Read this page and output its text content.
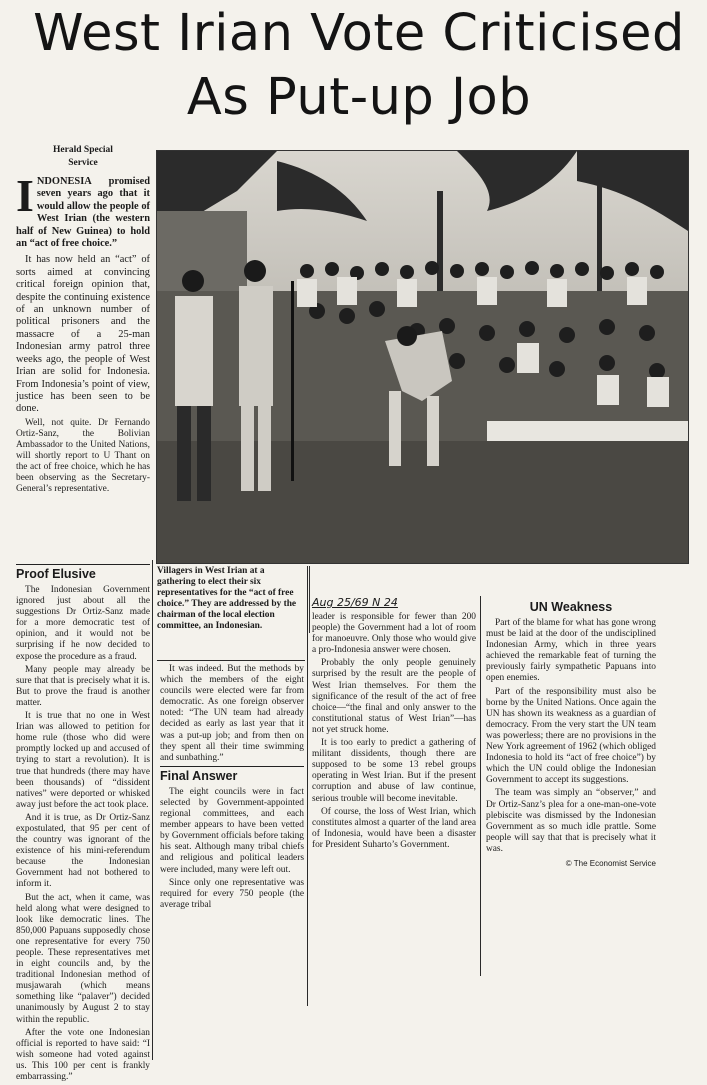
West Irian Vote Criticised
As Put-up Job
Herald Special
Service

INDONESIA promised seven years ago that it would allow the people of West Irian (the western half of New Guinea) to hold an “act of free choice.”

It has now held an “act” of sorts aimed at convincing critical foreign opinion that, despite the continuing existence of an unknown number of political prisoners and the massacre of a 25-man Indonesian army patrol three weeks ago, the people of West Irian are solid for Indonesia. From Indonesia’s point of view, justice has been seen to be done.

Well, not quite. Dr Fernando Ortiz-Sanz, the Bolivian Ambassador to the United Nations, will shortly report to U Thant on the act of free choice, which he has been observing as the Secretary-General’s representative.

Proof Elusive

The Indonesian Government ignored just about all the suggestions Dr Ortiz-Sanz made for a more democratic test of opinion, and it would not be surprising if he now decided to expose the procedure as a fraud.

Many people may already be sure that that is precisely what it is. But to prove the fraud is another matter.

It is true that no one in West Irian was allowed to petition for home rule (those who did were promptly locked up and accused of trying to start a revolution). It is true that hundreds (there may have been thousands) of “dissident natives” were deported or whisked away just before the act took place.

And it is true, as Dr Ortiz-Sanz expostulated, that 95 per cent of the country was ignorant of the existence of his mini-referendum because the Indonesian Government had not bothered to inform it.

But the act, when it came, was held along what were designed to look like democratic lines. The 850,000 Papuans supposedly chose one representative for every 750 people. These representatives met in eight councils and, by the traditional Indonesian method of musjawarah (which means something like “palaver”) decided unanimously by August 2 to stay within the republic.

After the vote one Indonesian official is reported to have said: “I wish someone had voted against us. This 100 per cent is frankly embarrassing.”

Villagers in West Irian at a gathering to elect their six representatives for the “act of free choice.” They are addressed by the chairman of the local election committee, an Indonesian.

It was indeed. But the methods by which the members of the eight councils were elected were far from democratic. As one foreign observer noted: “The UN team had already decided as early as last year that it was a put-up job; and from then on they spent all their time swimming and sunbathing.”

Final Answer

The eight councils were in fact selected by Government-appointed regional committees, and each member appears to have been vetted by Government officials before taking his seat. Although many tribal chiefs and religious and political leaders were included, many were left out.

Since only one representative was required for every 750 people (the average tribal

Aug 25/69 N 24

leader is responsible for fewer than 200 people) the Government had a lot of room for manoeuvre. Only those who would give a pro-Indonesia answer were chosen.

Probably the only people genuinely surprised by the result are the people of West Irian themselves. For them the significance of the result of the act of free choice—“the final and only answer to the constitutional status of West Irian”—has not yet struck home.

It is too early to predict a gathering of militant dissidents, though there are supposed to be some 13 rebel groups operating in West Irian. But if the present corruption and abuse of law continue, serious trouble will become inevitable.

Of course, the loss of West Irian, which constitutes almost a quarter of the land area of Indonesia, would have been a disaster for President Suharto’s Government.

UN Weakness

Part of the blame for what has gone wrong must be laid at the door of the undisciplined Indonesian Army, which in three years achieved the remarkable feat of turning the previously fairly sympathetic Papuans into open enemies.

Part of the responsibility must also be borne by the United Nations. Once again the UN has shown its weakness as a guardian of democracy. From the very start the UN team was powerless; there are no provisions in the New York agreement of 1962 (which obliged Indonesia to hold its “act of free choice”) by which the UN could oblige the Indonesian Government to accept its suggestions.

The team was simply an “observer,” and Dr Ortiz-Sanz’s plea for a one-man-one-vote plebiscite was dismissed by the Indonesian Government as so much idle prattle. Some people will say that that is precisely what it was.

© The Economist Service
